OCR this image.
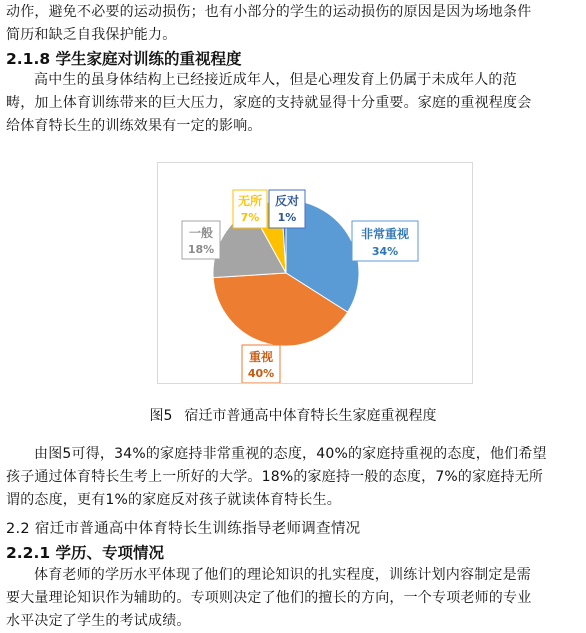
动作，避免不必要的运动损伤；也有小部分的学生的运动损伤的原因是因为场地条件
简历和缺乏自我保护能力。
2.1.8 学生家庭对训练的重视程度
高中生的虽身体结构上已经接近成年人，但是心理发育上仍属于未成年人的范
畴，加上体育训练带来的巨大压力，家庭的支持就显得十分重要。家庭的重视程度会
给体育特长生的训练效果有一定的影响。
非常重视
34%
重视
40%
一般
18%
无所
7%
反对
1%
图5 宿迁市普通高中体育特长生家庭重视程度
由图5可得，34%的家庭持非常重视的态度，40%的家庭持重视的态度，他们希望
孩子通过体育特长生考上一所好的大学。18%的家庭持一般的态度，7%的家庭持无所
谓的态度，更有1%的家庭反对孩子就读体育特长生。
2.2 宿迁市普通高中体育特长生训练指导老师调查情况
2.2.1 学历、专项情况
体育老师的学历水平体现了他们的理论知识的扎实程度，训练计划内容制定是需
要大量理论知识作为辅助的。专项则决定了他们的擅长的方向，一个专项老师的专业
水平决定了学生的考试成绩。
